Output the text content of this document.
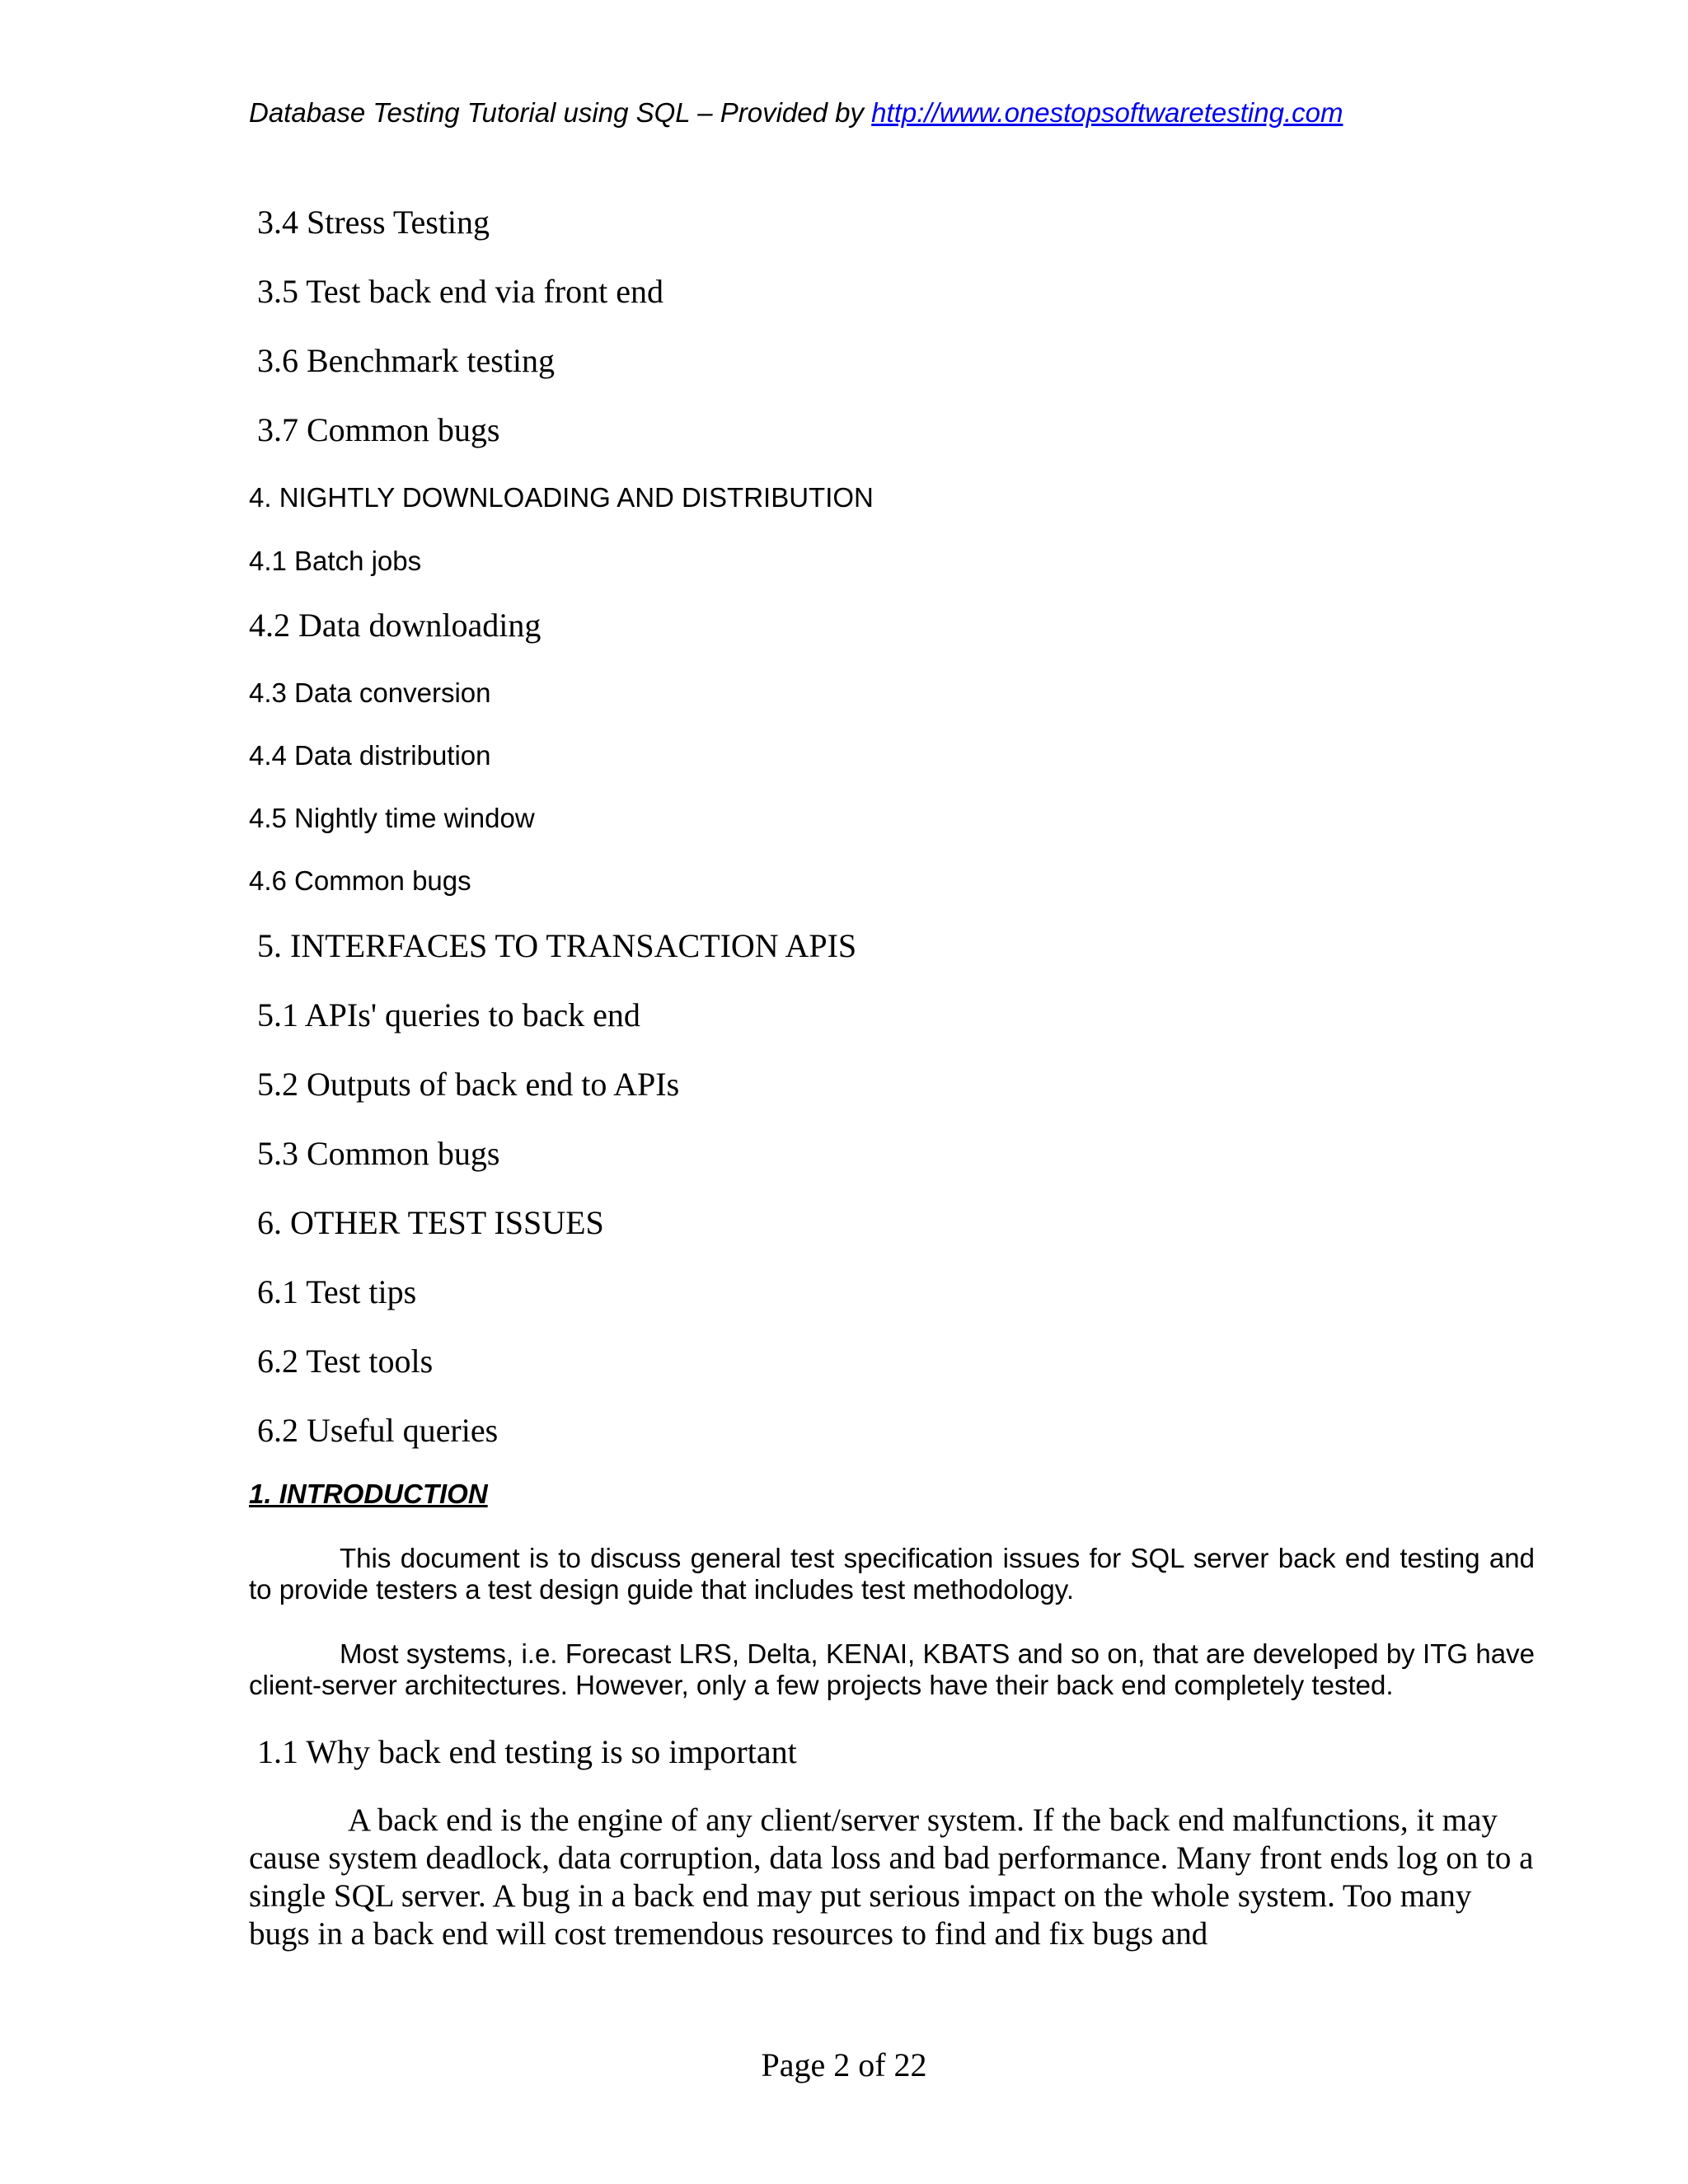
Database Testing Tutorial using SQL – Provided by http://www.onestopsoftwaretesting.com
3.4 Stress Testing
3.5 Test back end via front end
3.6 Benchmark testing
3.7 Common bugs
4. NIGHTLY DOWNLOADING AND DISTRIBUTION
4.1 Batch jobs
4.2 Data downloading
4.3 Data conversion
4.4 Data distribution
4.5 Nightly time window
4.6 Common bugs
5. INTERFACES TO TRANSACTION APIS
5.1 APIs' queries to back end
5.2 Outputs of back end to APIs
5.3 Common bugs
6. OTHER TEST ISSUES
6.1 Test tips
6.2 Test tools
6.2 Useful queries
1. INTRODUCTION

This document is to discuss general test specification issues for SQL server back end testing and to provide testers a test design guide that includes test methodology.

Most systems, i.e. Forecast LRS, Delta, KENAI, KBATS and so on, that are developed by ITG have client-server architectures. However, only a few projects have their back end completely tested.

1.1 Why back end testing is so important

A back end is the engine of any client/server system. If the back end malfunctions, it may cause system deadlock, data corruption, data loss and bad performance. Many front ends log on to a single SQL server. A bug in a back end may put serious impact on the whole system. Too many bugs in a back end will cost tremendous resources to find and fix bugs and

Page 2 of 22
